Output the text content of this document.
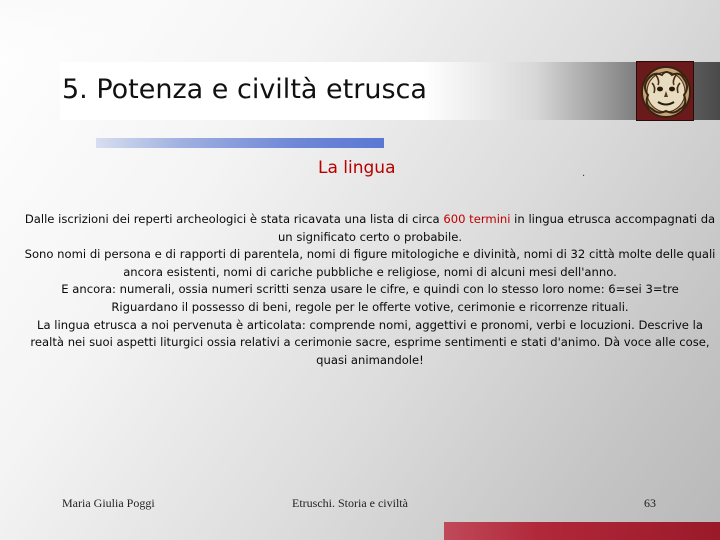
5. Potenza e civiltà etrusca
La lingua	.

Dalle iscrizioni dei reperti archeologici è stata ricavata una lista di circa 600 termini in lingua etrusca accompagnati da un significato certo o probabile.

Sono nomi di persona e di rapporti di parentela, nomi di figure mitologiche e divinità, nomi di 32 città molte delle quali ancora esistenti, nomi di cariche pubbliche e religiose, nomi di alcuni mesi dell'anno.

E ancora: numerali, ossia numeri scritti senza usare le cifre, e quindi con lo stesso loro nome: 6=sei 3=tre

Riguardano il possesso di beni, regole per le offerte votive, cerimonie e ricorrenze rituali.

La lingua etrusca a noi pervenuta è articolata: comprende nomi, aggettivi e pronomi, verbi e locuzioni. Descrive la realtà nei suoi aspetti liturgici ossia relativi a cerimonie sacre, esprime sentimenti e stati d'animo. Dà voce alle cose, quasi animandole!

Maria Giulia Poggi	Etruschi. Storia e civiltà	63
